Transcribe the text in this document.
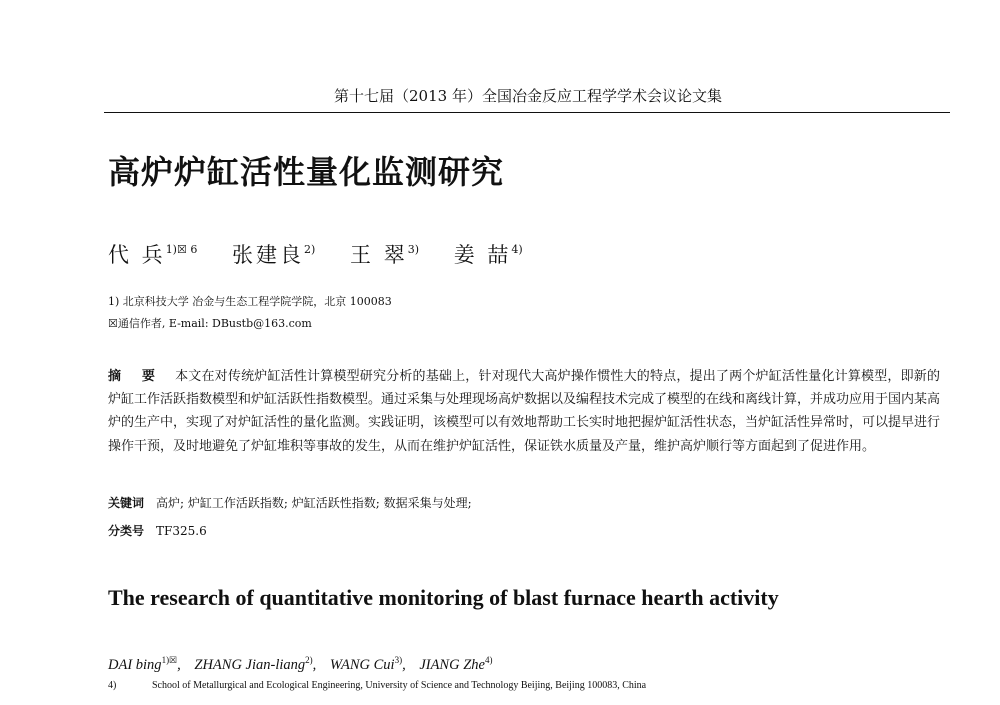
第十七届（2013 年）全国冶金反应工程学学术会议论文集
高炉炉缸活性量化监测研究
代 兵$^{1)☒ 6}$ 张建良$^{2)}$ 王 翠$^{3)}$ 姜 喆$^{4)}$
1) 北京科技大学 冶金与生态工程学院学院，北京 100083
☒通信作者, E-mail: DBustb@163.com

摘 要 本文在对传统炉缸活性计算模型研究分析的基础上，针对现代大高炉操作惯性大的特点，提出了两个炉缸活性量化计算模型，即新的炉缸工作活跃指数模型和炉缸活跃性指数模型。通过采集与处理现场高炉数据以及编程技术完成了模型的在线和离线计算，并成功应用于国内某高炉的生产中，实现了对炉缸活性的量化监测。实践证明，该模型可以有效地帮助工长实时地把握炉缸活性状态，当炉缸活性异常时，可以提早进行操作干预，及时地避免了炉缸堆积等事故的发生，从而在维护炉缸活性，保证铁水质量及产量，维护高炉顺行等方面起到了促进作用。

关键词 高炉; 炉缸工作活跃指数; 炉缸活跃性指数; 数据采集与处理;
分类号 TF325.6
The research of quantitative monitoring of blast furnace hearth activity
DAI bing$^{1)☒}$, ZHANG Jian-liang$^{2)}$, WANG Cui$^{3)}$, JIANG Zhe$^{4)}$
4)	School of Metallurgical and Ecological Engineering, University of Science and Technology Beijing, Beijing 100083, China
